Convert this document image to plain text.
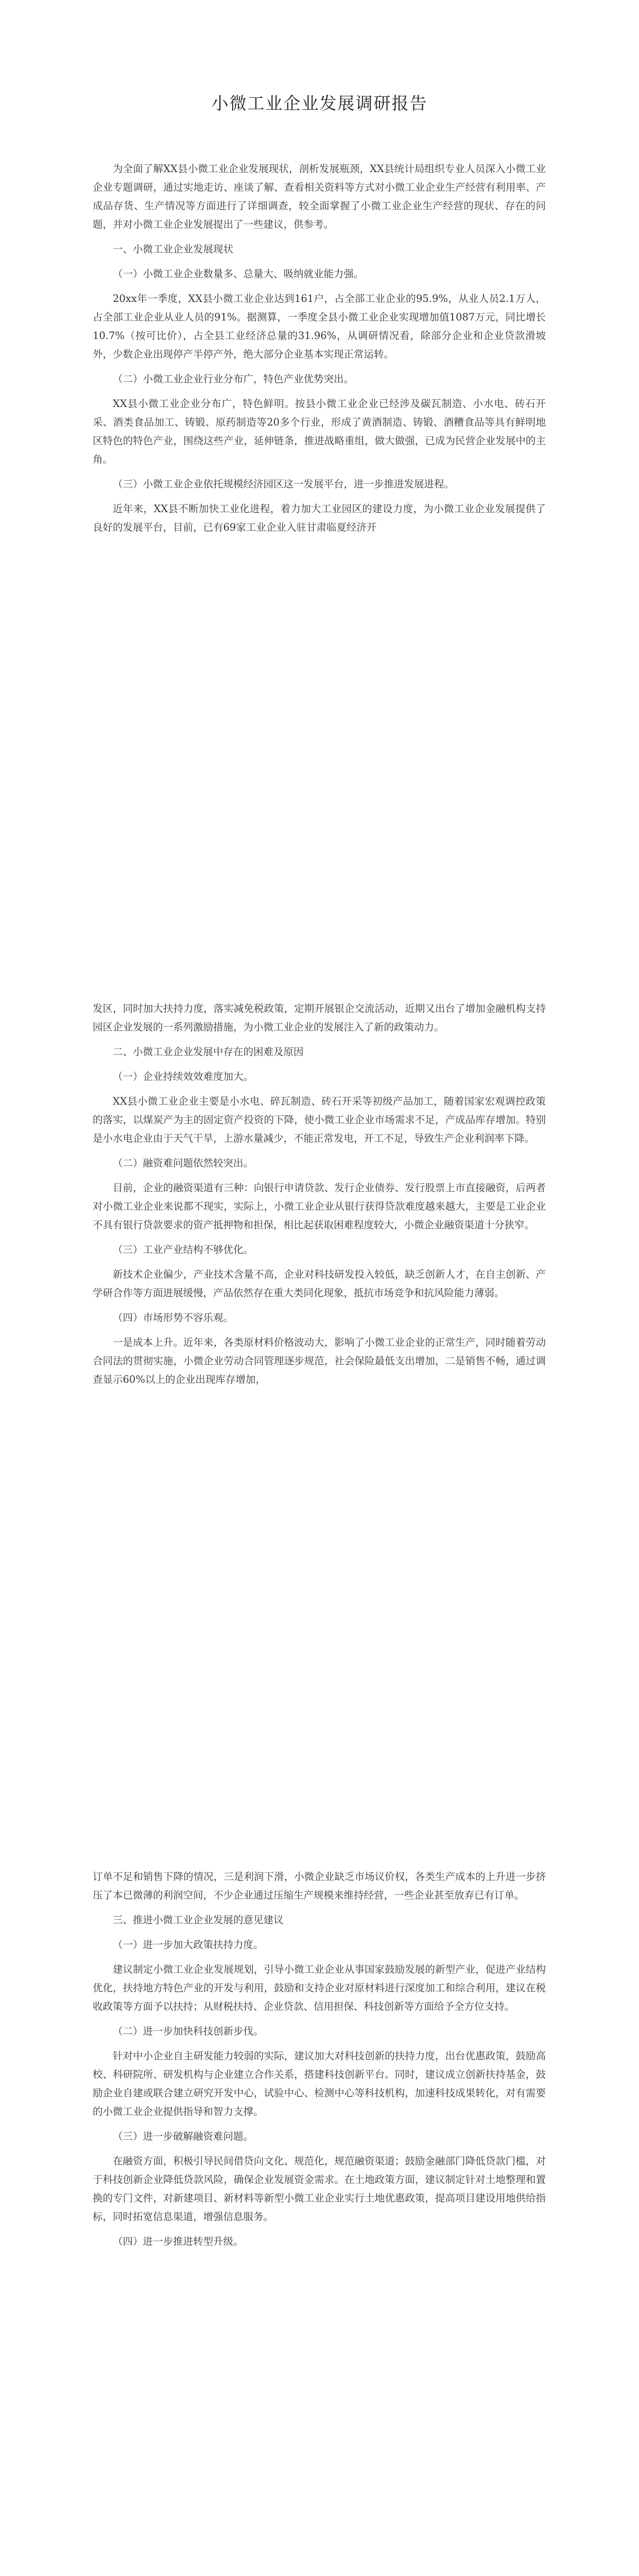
小微工业企业发展调研报告

为全面了解XX县小微工业企业发展现状，剖析发展瓶颈，XX县统计局组织专业人员深入小微工业企业专题调研，通过实地走访、座谈了解、查看相关资料等方式对小微工业企业生产经营有利用率、产成品存货、生产情况等方面进行了详细调查，较全面掌握了小微工业企业生产经营的现状、存在的问题，并对小微工业企业发展提出了一些建议，供参考。

一、小微工业企业发展现状

（一）小微工业企业数量多、总量大、吸纳就业能力强。

20xx年一季度，XX县小微工业企业达到161户，占全部工业企业的95.9%，从业人员2.1万人，占全部工业企业从业人员的91%。据测算，一季度全县小微工业企业实现增加值1087万元，同比增长10.7%（按可比价），占全县工业经济总量的31.96%，从调研情况看，除部分企业和企业贷款滑坡外，少数企业出现停产半停产外，绝大部分企业基本实现正常运转。

（二）小微工业企业行业分布广，特色产业优势突出。

XX县小微工业企业分布广，特色鲜明。按县小微工业企业已经涉及碳瓦制造、小水电、砖石开采、酒类食品加工、铸锻、原药制造等20多个行业，形成了黄酒制造、铸锻、酒糟食品等具有鲜明地区特色的特色产业，围绕这些产业，延伸链条，推进战略重组，做大做强，已成为民营企业发展中的主角。

（三）小微工业企业依托规模经济园区这一发展平台，进一步推进发展进程。

近年来，XX县不断加快工业化进程，着力加大工业园区的建设力度，为小微工业企业发展提供了良好的发展平台，目前，已有69家工业企业入驻甘肃临夏经济开

发区，同时加大扶持力度，落实减免税政策，定期开展银企交流活动，近期又出台了增加金融机构支持园区企业发展的一系列激励措施，为小微工业企业的发展注入了新的政策动力。

二、小微工业企业发展中存在的困难及原因

（一）企业持续效效难度加大。

XX县小微工业企业主要是小水电、碎瓦制造、砖石开采等初级产品加工，随着国家宏观调控政策的落实，以煤炭产为主的固定资产投资的下降，使小微工业企业市场需求不足，产成品库存增加。特别是小水电企业由于天气干旱，上游水量减少，不能正常发电，开工不足，导致生产企业利润率下降。

（二）融资难问题依然较突出。

目前，企业的融资渠道有三种：向银行申请贷款、发行企业债券、发行股票上市直接融资，后两者对小微工业企业来说都不现实，实际上，小微工业企业从银行获得贷款难度越来越大，主要是工业企业不具有银行贷款要求的资产抵押物和担保，相比起获取困难程度较大，小微企业融资渠道十分狭窄。

（三）工业产业结构不够优化。

新技术企业偏少，产业技术含量不高，企业对科技研发投入较低，缺乏创新人才，在自主创新、产学研合作等方面进展缓慢，产品依然存在重大类同化现象，抵抗市场竞争和抗风险能力薄弱。

（四）市场形势不容乐观。

一是成本上升。近年来，各类原材料价格波动大，影响了小微工业企业的正常生产，同时随着劳动合同法的贯彻实施，小微企业劳动合同管理逐步规范，社会保险最低支出增加，二是销售不畅，通过调查显示60%以上的企业出现库存增加，

订单不足和销售下降的情况，三是利润下滑，小微企业缺乏市场议价权，各类生产成本的上升进一步挤压了本已微薄的利润空间，不少企业通过压缩生产规模来维持经营，一些企业甚至放弃已有订单。

三、推进小微工业企业发展的意见建议

（一）进一步加大政策扶持力度。

建议制定小微工业企业发展规划，引导小微工业企业从事国家鼓励发展的新型产业，促进产业结构优化，扶持地方特色产业的开发与利用，鼓励和支持企业对原材料进行深度加工和综合利用，建议在税收政策等方面予以扶持；从财税扶持、企业贷款、信用担保、科技创新等方面给予全方位支持。

（二）进一步加快科技创新步伐。

针对中小企业自主研发能力较弱的实际，建议加大对科技创新的扶持力度，出台优惠政策，鼓励高校、科研院所、研发机构与企业建立合作关系，搭建科技创新平台。同时，建议成立创新扶持基金，鼓励企业自建或联合建立研究开发中心，试验中心、检测中心等科技机构，加速科技成果转化，对有需要的小微工业企业提供指导和智力支撑。

（三）进一步破解融资难问题。

在融资方面，积极引导民间借贷向文化、规范化，规范融资渠道；鼓励金融部门降低贷款门槛，对于科技创新企业降低贷款风险，确保企业发展资金需求。在土地政策方面，建议制定针对土地整理和置换的专门文件，对新建项目、新材料等新型小微工业企业实行土地优惠政策，提高项目建设用地供给指标，同时拓宽信息渠道，增强信息服务。

（四）进一步推进转型升级。
